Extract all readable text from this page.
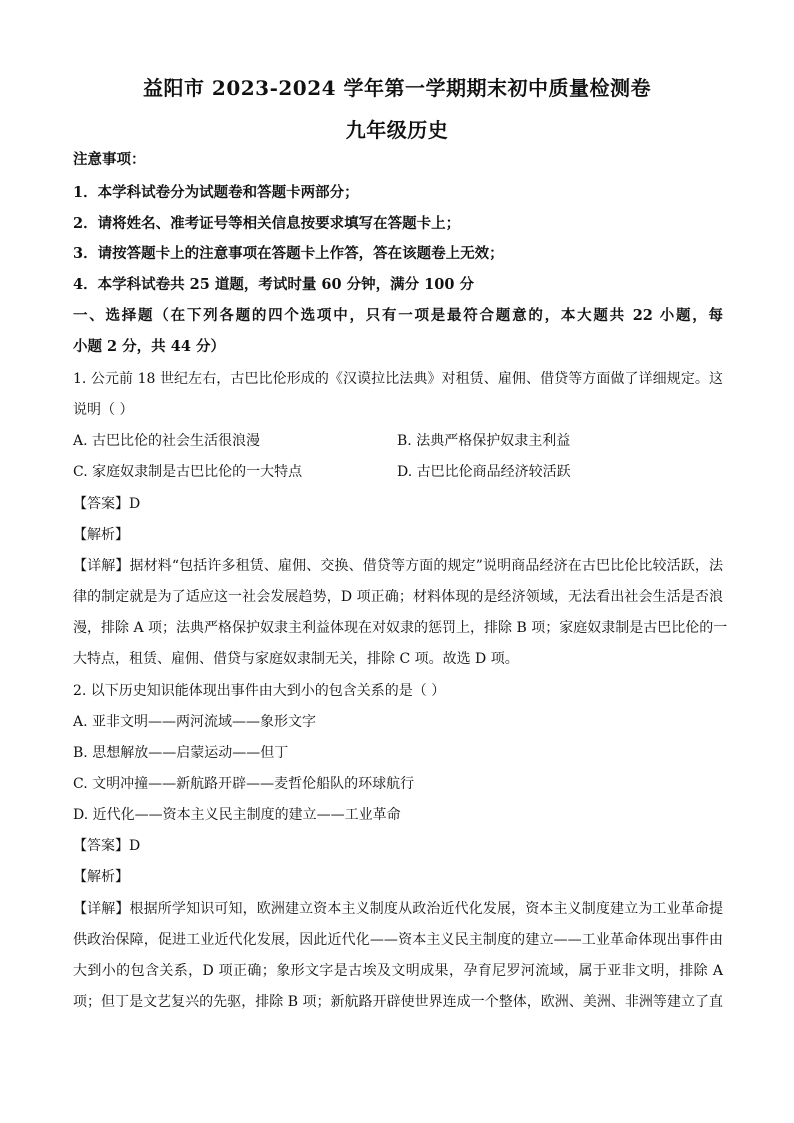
益阳市 2023-2024 学年第一学期期末初中质量检测卷
九年级历史
注意事项：
1．本学科试卷分为试题卷和答题卡两部分；
2．请将姓名、准考证号等相关信息按要求填写在答题卡上；
3．请按答题卡上的注意事项在答题卡上作答，答在该题卷上无效；
4．本学科试卷共 25 道题，考试时量 60 分钟，满分 100 分
一、选择题（在下列各题的四个选项中，只有一项是最符合题意的，本大题共 22 小题，每
小题 2 分，共 44 分）
1. 公元前 18 世纪左右，古巴比伦形成的《汉谟拉比法典》对租赁、雇佣、借贷等方面做了详细规定。这
说明（ ）
A. 古巴比伦的社会生活很浪漫	B. 法典严格保护奴隶主利益
C. 家庭奴隶制是古巴比伦的一大特点	D. 古巴比伦商品经济较活跃
【答案】D
【解析】
【详解】据材料“包括许多租赁、雇佣、交换、借贷等方面的规定”说明商品经济在古巴比伦比较活跃，法
律的制定就是为了适应这一社会发展趋势，D 项正确；材料体现的是经济领域，无法看出社会生活是否浪
漫，排除 A 项；法典严格保护奴隶主利益体现在对奴隶的惩罚上，排除 B 项；家庭奴隶制是古巴比伦的一
大特点，租赁、雇佣、借贷与家庭奴隶制无关，排除 C 项。故选 D 项。
2. 以下历史知识能体现出事件由大到小的包含关系的是（ ）
A. 亚非文明——两河流域——象形文字
B. 思想解放——启蒙运动——但丁
C. 文明冲撞——新航路开辟——麦哲伦船队的环球航行
D. 近代化——资本主义民主制度的建立——工业革命
【答案】D
【解析】
【详解】根据所学知识可知，欧洲建立资本主义制度从政治近代化发展，资本主义制度建立为工业革命提
供政治保障，促进工业近代化发展，因此近代化——资本主义民主制度的建立——工业革命体现出事件由
大到小的包含关系，D 项正确；象形文字是古埃及文明成果，孕育尼罗河流域，属于亚非文明，排除 A
项；但丁是文艺复兴的先驱，排除 B 项；新航路开辟使世界连成一个整体，欧洲、美洲、非洲等建立了直
